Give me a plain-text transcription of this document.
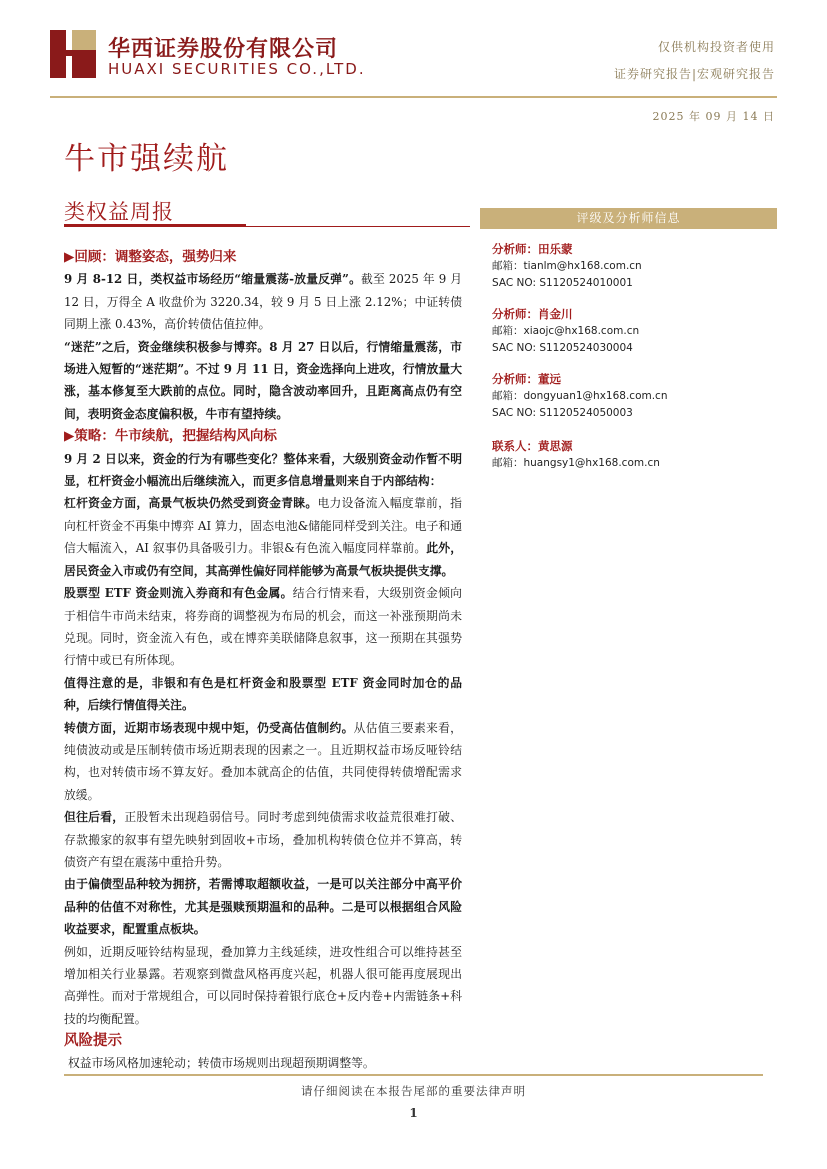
华西证券股份有限公司
HUAXI SECURITIES CO.,LTD.
仅供机构投资者使用
证券研究报告|宏观研究报告
2025 年 09 月 14 日
牛市强续航
类权益周报

▶回顾：调整姿态，强势归来

9 月 8-12 日，类权益市场经历“缩量震荡-放量反弹”。截至 2025 年 9 月 12 日，万得全 A 收盘价为 3220.34，较 9 月 5 日上涨 2.12%；中证转债同期上涨 0.43%，高价转债估值拉伸。

“迷茫”之后，资金继续积极参与博弈。8 月 27 日以后，行情缩量震荡，市场进入短暂的“迷茫期”。不过 9 月 11 日，资金选择向上进攻，行情放量大涨，基本修复至大跌前的点位。同时，隐含波动率回升，且距离高点仍有空间，表明资金态度偏积极，牛市有望持续。

▶策略：牛市续航，把握结构风向标

9 月 2 日以来，资金的行为有哪些变化？整体来看，大级别资金动作暂不明显，杠杆资金小幅流出后继续流入，而更多信息增量则来自于内部结构：

杠杆资金方面，高景气板块仍然受到资金青睐。电力设备流入幅度靠前，指向杠杆资金不再集中博弈 AI 算力，固态电池&储能同样受到关注。电子和通信大幅流入，AI 叙事仍具备吸引力。非银&有色流入幅度同样靠前。此外，居民资金入市或仍有空间，其高弹性偏好同样能够为高景气板块提供支撑。

股票型 ETF 资金则流入券商和有色金属。结合行情来看，大级别资金倾向于相信牛市尚未结束，将券商的调整视为布局的机会，而这一补涨预期尚未兑现。同时，资金流入有色，或在博弈美联储降息叙事，这一预期在其强势行情中或已有所体现。

值得注意的是，非银和有色是杠杆资金和股票型 ETF 资金同时加仓的品种，后续行情值得关注。

转债方面，近期市场表现中规中矩，仍受高估值制约。从估值三要素来看，纯债波动或是压制转债市场近期表现的因素之一。且近期权益市场反哑铃结构，也对转债市场不算友好。叠加本就高企的估值，共同使得转债增配需求放缓。

但往后看，正股暂未出现趋弱信号。同时考虑到纯债需求收益荒很难打破、存款搬家的叙事有望先映射到固收+市场，叠加机构转债仓位并不算高，转债资产有望在震荡中重拾升势。

由于偏债型品种较为拥挤，若需博取超额收益，一是可以关注部分中高平价品种的估值不对称性，尤其是强赎预期温和的品种。二是可以根据组合风险收益要求，配置重点板块。

例如，近期反哑铃结构显现，叠加算力主线延续，进攻性组合可以维持甚至增加相关行业暴露。若观察到微盘风格再度兴起，机器人很可能再度展现出高弹性。而对于常规组合，可以同时保持着银行底仓+反内卷+内需链条+科技的均衡配置。

风险提示

权益市场风格加速轮动；转债市场规则出现超预期调整等。

评级及分析师信息
分析师：田乐蒙
邮箱：tianlm@hx168.com.cn
SAC NO: S1120524010001
分析师：肖金川
邮箱：xiaojc@hx168.com.cn
SAC NO: S1120524030004
分析师：董远
邮箱：dongyuan1@hx168.com.cn
SAC NO: S1120524050003
联系人：黄思源
邮箱：huangsy1@hx168.com.cn
请仔细阅读在本报告尾部的重要法律声明
1
